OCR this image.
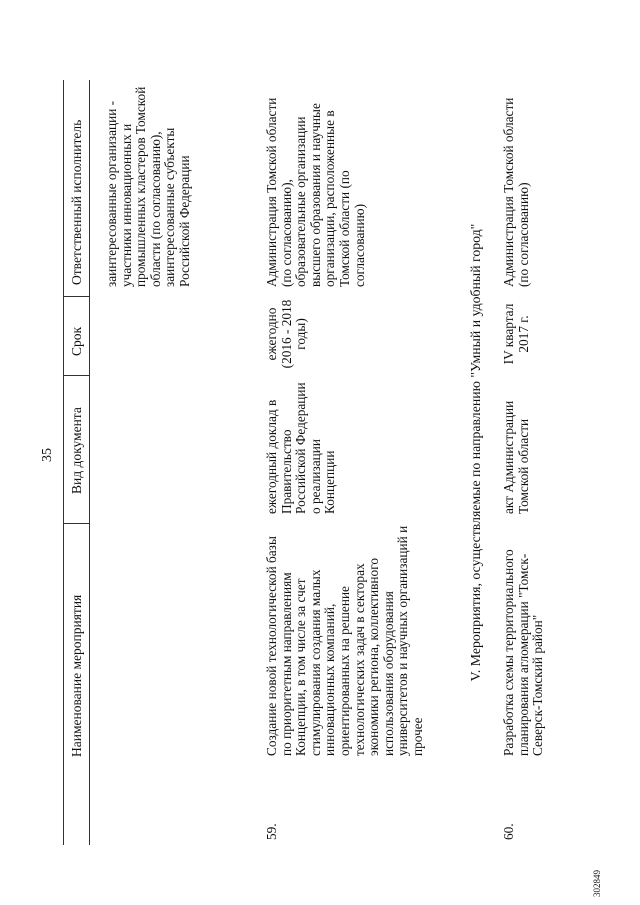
35
Наименование мероприятия
Вид документа
Срок
Ответственный исполнитель заинтересованные организации - участники инновационных и промышленных кластеров Томской области (по согласованию), заинтересованные субъекты Российской Федерации
59.
Создание новой технологической базы по приоритетным направлениям Концепции, в том числе за счет стимулирования создания малых инновационных компаний, ориентированных на решение технологических задач в секторах экономики региона, коллективного использования оборудования университетов и научных организаций и прочее
ежегодный доклад в Правительство Российской Федерации о реализации Концепции
ежегодно (2016 - 2018 годы)
Администрация Томской области (по согласованию), образовательные организации высшего образования и научные организации, расположенные в Томской области (по согласованию)	V. Мероприятия, осуществляемые по направлению "Умный и удобный город"
60.
Разработка схемы территориального планирования агломерации "Томск-Северск-Томский район"
акт Администрации Томской области
IV квартал 2017 г.
Администрация Томской области (по согласованию)
302849
